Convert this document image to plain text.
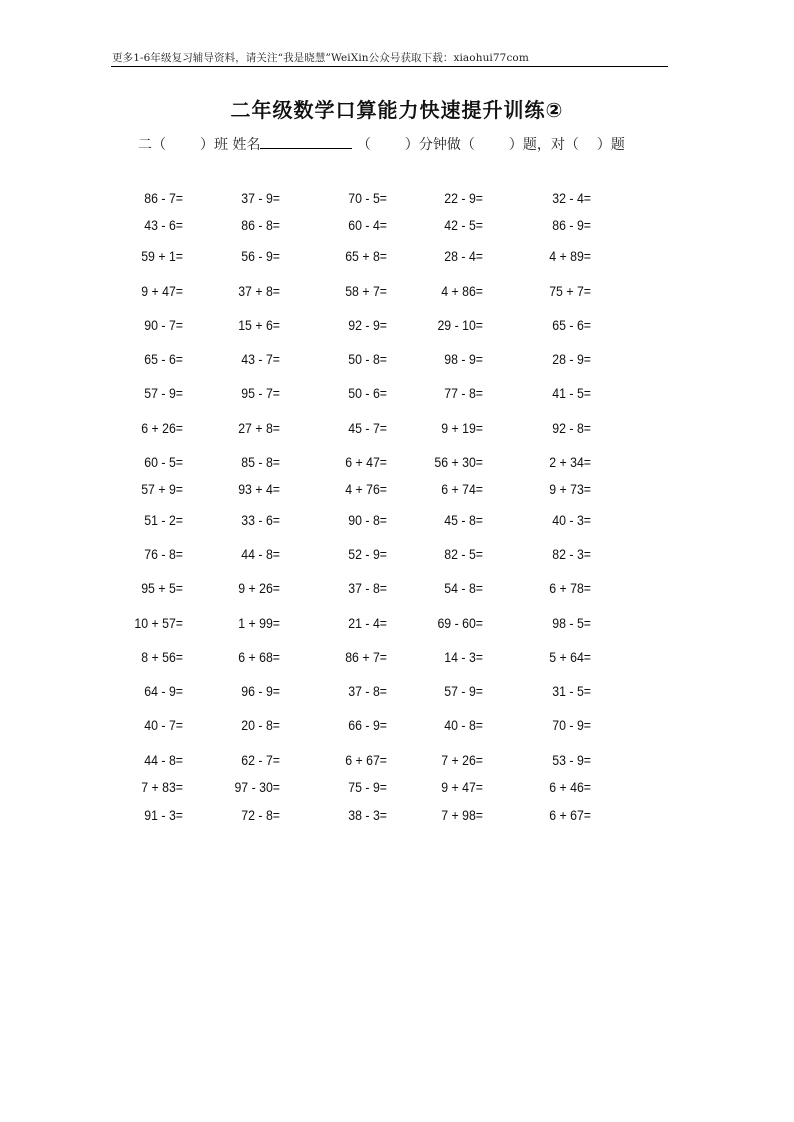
更多1-6年级复习辅导资料，请关注“我是晓慧”WeiXin公众号获取下载：xiaohui77com
二年级数学口算能力快速提升训练②
二（ ）班 姓名	（ ）分钟做（ ）题，对（ ）题
86 - 7=	37 - 9=	70 - 5=	22 - 9=	32 - 4=
43 - 6=	86 - 8=	60 - 4=	42 - 5=	86 - 9=
59 + 1=	56 - 9=	65 + 8=	28 - 4=	4 + 89=
9 + 47=	37 + 8=	58 + 7=	4 + 86=	75 + 7=
90 - 7=	15 + 6=	92 - 9=	29 - 10=	65 - 6=
65 - 6=	43 - 7=	50 - 8=	98 - 9=	28 - 9=
57 - 9=	95 - 7=	50 - 6=	77 - 8=	41 - 5=
6 + 26=	27 + 8=	45 - 7=	9 + 19=	92 - 8=
60 - 5=	85 - 8=	6 + 47=	56 + 30=	2 + 34=
57 + 9=	93 + 4=	4 + 76=	6 + 74=	9 + 73=
51 - 2=	33 - 6=	90 - 8=	45 - 8=	40 - 3=
76 - 8=	44 - 8=	52 - 9=	82 - 5=	82 - 3=
95 + 5=	9 + 26=	37 - 8=	54 - 8=	6 + 78=
10 + 57=	1 + 99=	21 - 4=	69 - 60=	98 - 5=
8 + 56=	6 + 68=	86 + 7=	14 - 3=	5 + 64=
64 - 9=	96 - 9=	37 - 8=	57 - 9=	31 - 5=
40 - 7=	20 - 8=	66 - 9=	40 - 8=	70 - 9=
44 - 8=	62 - 7=	6 + 67=	7 + 26=	53 - 9=
7 + 83=	97 - 30=	75 - 9=	9 + 47=	6 + 46=
91 - 3=	72 - 8=	38 - 3=	7 + 98=	6 + 67=
